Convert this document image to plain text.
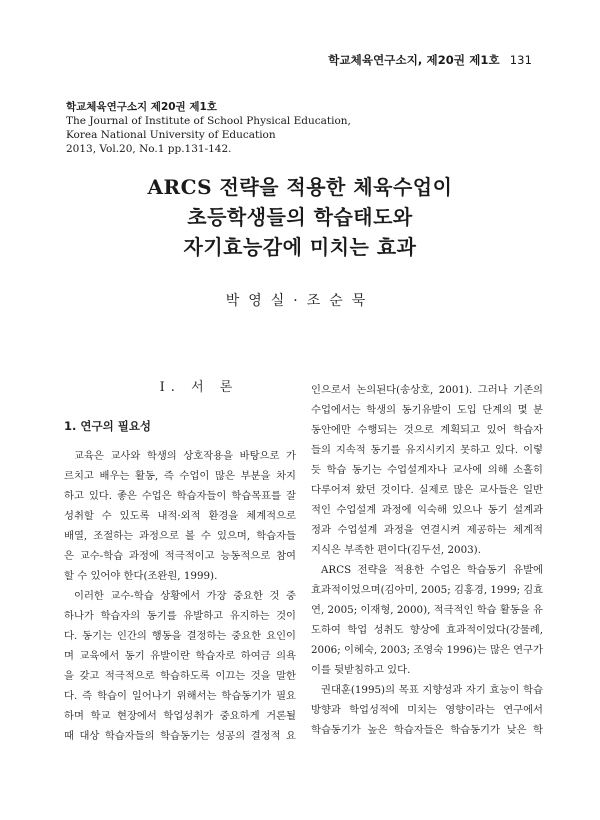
학교체육연구소지, 제20권 제1호 131
학교체육연구소지 제20권 제1호
The Journal of Institute of School Physical Education,
Korea National University of Education
2013, Vol.20, No.1 pp.131-142.
ARCS 전략을 적용한 체육수업이
초등학생들의 학습태도와
자기효능감에 미치는 효과
박영실·조순묵
Ⅰ. 서 론
1. 연구의 필요성
교육은 교사와 학생의 상호작용을 바탕으로 가
르치고 배우는 활동, 즉 수업이 많은 부분을 차지
하고 있다. 좋은 수업은 학습자들이 학습목표를 잘
성취할 수 있도록 내적·외적 환경을 체계적으로
배열, 조절하는 과정으로 볼 수 있으며, 학습자들
은 교수-학습 과정에 적극적이고 능동적으로 참여
할 수 있어야 한다(조완원, 1999).
이러한 교수-학습 상황에서 가장 중요한 것 중
하나가 학습자의 동기를 유발하고 유지하는 것이
다. 동기는 인간의 행동을 결정하는 중요한 요인이
며 교육에서 동기 유발이란 학습자로 하여금 의욕
을 갖고 적극적으로 학습하도록 이끄는 것을 말한
다. 즉 학습이 일어나기 위해서는 학습동기가 필요
하며 학교 현장에서 학업성취가 중요하게 거론될
때 대상 학습자들의 학습동기는 성공의 결정적 요
인으로서 논의된다(송상호, 2001). 그러나 기존의
수업에서는 학생의 동기유발이 도입 단계의 몇 분
동안에만 수행되는 것으로 계획되고 있어 학습자
들의 지속적 동기를 유지시키지 못하고 있다. 이렇
듯 학습 동기는 수업설계자나 교사에 의해 소홀히
다루어져 왔던 것이다. 실제로 많은 교사들은 일반
적인 수업설계 과정에 익숙해 있으나 동기 설계과
정과 수업설계 과정을 연결시켜 제공하는 체계적
지식은 부족한 편이다(김두선, 2003).
ARCS 전략을 적용한 수업은 학습동기 유발에
효과적이었으며(김아미, 2005; 김홍경, 1999; 김효
연, 2005; 이재형, 2000), 적극적인 학습 활동을 유
도하여 학업 성취도 향상에 효과적이었다(강물례,
2006; 이혜숙, 2003; 조영숙 1996)는 많은 연구가
이를 뒷받침하고 있다.
권대훈(1995)의 목표 지향성과 자기 효능이 학습
방향과 학업성적에 미치는 영향이라는 연구에서
학습동기가 높은 학습자들은 학습동기가 낮은 학
